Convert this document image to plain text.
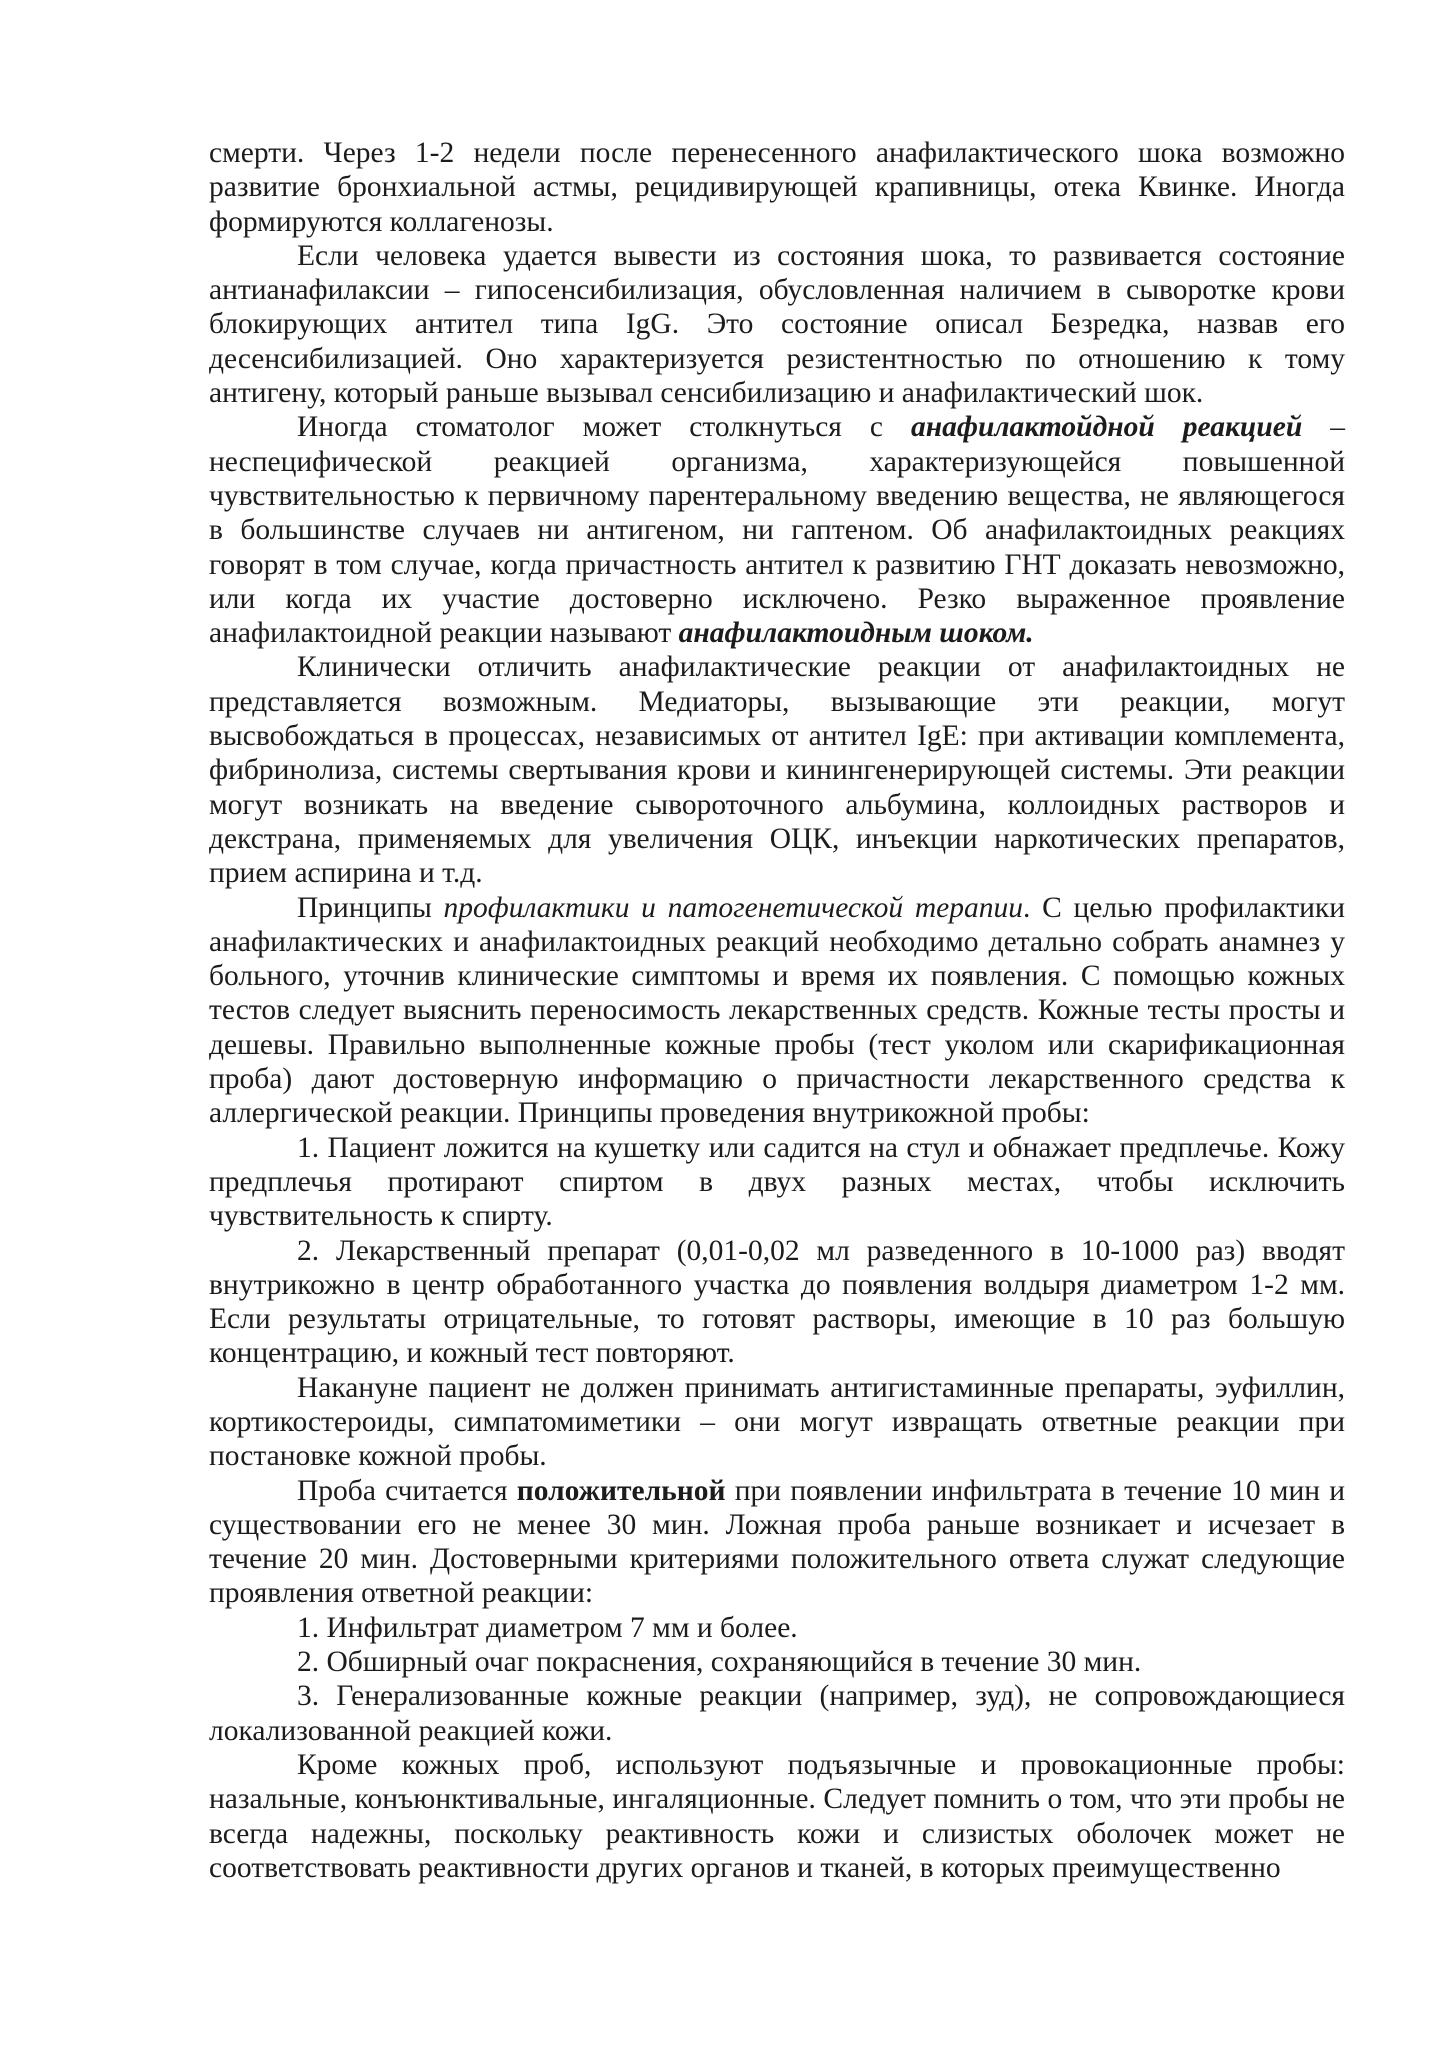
смерти. Через 1-2 недели после перенесенного анафилактического шока возможно развитие бронхиальной астмы, рецидивирующей крапивницы, отека Квинке. Иногда формируются коллагенозы.

Если человека удается вывести из состояния шока, то развивается состояние антианафилаксии – гипосенсибилизация, обусловленная наличием в сыворотке крови блокирующих антител типа IgG. Это состояние описал Безредка, назвав его десенсибилизацией. Оно характеризуется резистентностью по отношению к тому антигену, который раньше вызывал сенсибилизацию и анафилактический шок.

Иногда стоматолог может столкнуться с анафилактойдной реакцией – неспецифической реакцией организма, характеризующейся повышенной чувствительностью к первичному парентеральному введению вещества, не являющегося в большинстве случаев ни антигеном, ни гаптеном. Об анафилактоидных реакциях говорят в том случае, когда причастность антител к развитию ГНТ доказать невозможно, или когда их участие достоверно исключено. Резко выраженное проявление анафилактоидной реакции называют анафилактоидным шоком.

Клинически отличить анафилактические реакции от анафилактоидных не представляется возможным. Медиаторы, вызывающие эти реакции, могут высвобождаться в процессах, независимых от антител IgE: при активации комплемента, фибринолиза, системы свертывания крови и кинингенерирующей системы. Эти реакции могут возникать на введение сывороточного альбумина, коллоидных растворов и декстрана, применяемых для увеличения ОЦК, инъекции наркотических препаратов, прием аспирина и т.д.

Принципы профилактики и патогенетической терапии. С целью профилактики анафилактических и анафилактоидных реакций необходимо детально собрать анамнез у больного, уточнив клинические симптомы и время их появления. С помощью кожных тестов следует выяснить переносимость лекарственных средств. Кожные тесты просты и дешевы. Правильно выполненные кожные пробы (тест уколом или скарификационная проба) дают достоверную информацию о причастности лекарственного средства к аллергической реакции. Принципы проведения внутрикожной пробы:

1. Пациент ложится на кушетку или садится на стул и обнажает предплечье. Кожу предплечья протирают спиртом в двух разных местах, чтобы исключить чувствительность к спирту.

2. Лекарственный препарат (0,01-0,02 мл разведенного в 10-1000 раз) вводят внутрикожно в центр обработанного участка до появления волдыря диаметром 1-2 мм. Если результаты отрицательные, то готовят растворы, имеющие в 10 раз большую концентрацию, и кожный тест повторяют.

Накануне пациент не должен принимать антигистаминные препараты, эуфиллин, кортикостероиды, симпатомиметики – они могут извращать ответные реакции при постановке кожной пробы.

Проба считается положительной при появлении инфильтрата в течение 10 мин и существовании его не менее 30 мин. Ложная проба раньше возникает и исчезает в течение 20 мин. Достоверными критериями положительного ответа служат следующие проявления ответной реакции:

1. Инфильтрат диаметром 7 мм и более.

2. Обширный очаг покраснения, сохраняющийся в течение 30 мин.

3. Генерализованные кожные реакции (например, зуд), не сопровождающиеся локализованной реакцией кожи.

Кроме кожных проб, используют подъязычные и провокационные пробы: назальные, конъюнктивальные, ингаляционные. Следует помнить о том, что эти пробы не всегда надежны, поскольку реактивность кожи и слизистых оболочек может не соответствовать реактивности других органов и тканей, в которых преимущественно
